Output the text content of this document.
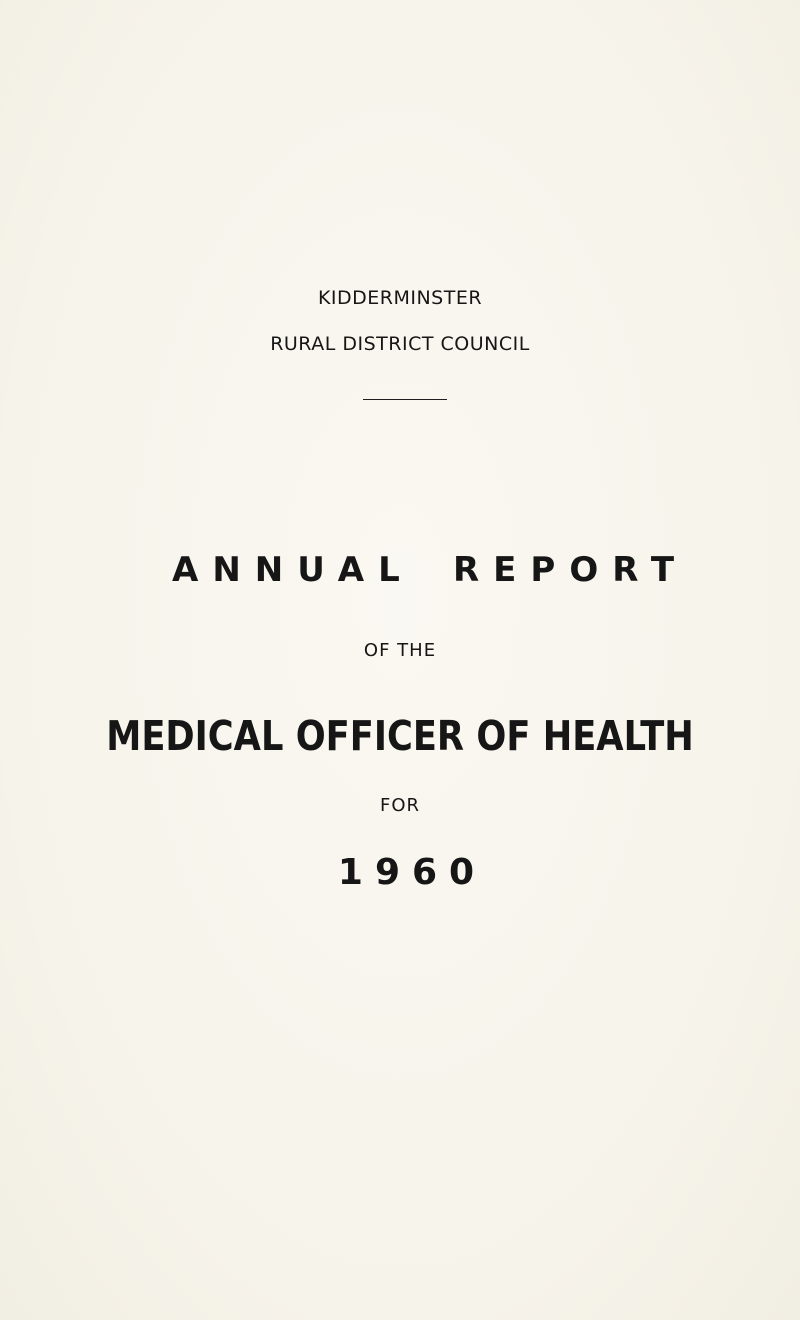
KIDDERMINSTER
RURAL DISTRICT COUNCIL
ANNUAL REPORT
OF THE
MEDICAL OFFICER OF HEALTH
FOR
1960
